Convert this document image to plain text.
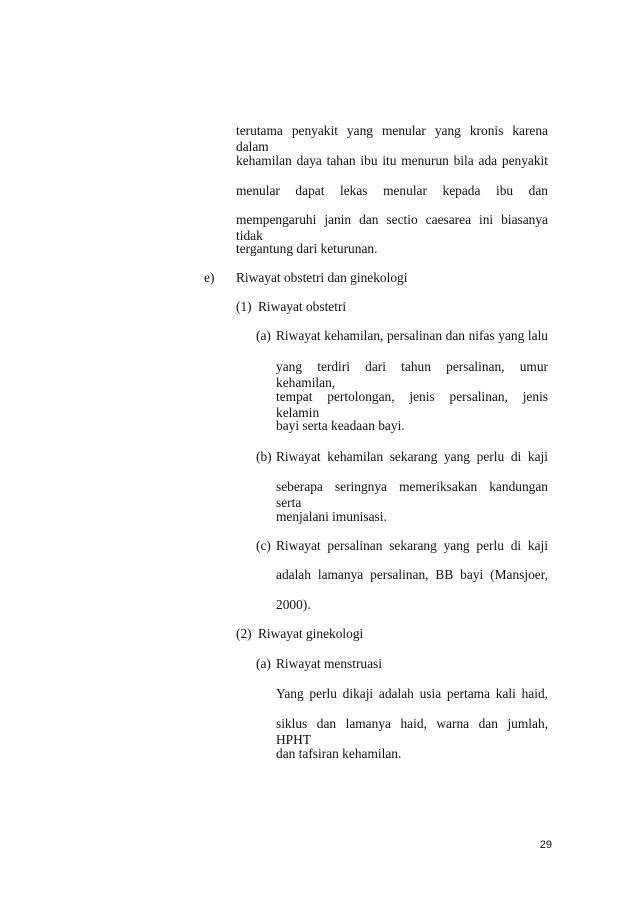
terutama penyakit yang menular yang kronis karena dalam
kehamilan daya tahan ibu itu menurun bila ada penyakit
menular dapat lekas menular kepada ibu dan
mempengaruhi janin dan sectio caesarea ini biasanya tidak
tergantung dari keturunan.
e) Riwayat obstetri dan ginekologi
(1) Riwayat obstetri
(a) Riwayat kehamilan, persalinan dan nifas yang lalu
yang terdiri dari tahun persalinan, umur kehamilan,
tempat pertolongan, jenis persalinan, jenis kelamin
bayi serta keadaan bayi.
(b) Riwayat kehamilan sekarang yang perlu di kaji
seberapa seringnya memeriksakan kandungan serta
menjalani imunisasi.
(c) Riwayat persalinan sekarang yang perlu di kaji
adalah lamanya persalinan, BB bayi (Mansjoer,
2000).
(2) Riwayat ginekologi
(a) Riwayat menstruasi
Yang perlu dikaji adalah usia pertama kali haid,
siklus dan lamanya haid, warna dan jumlah, HPHT
dan tafsiran kehamilan.
29
